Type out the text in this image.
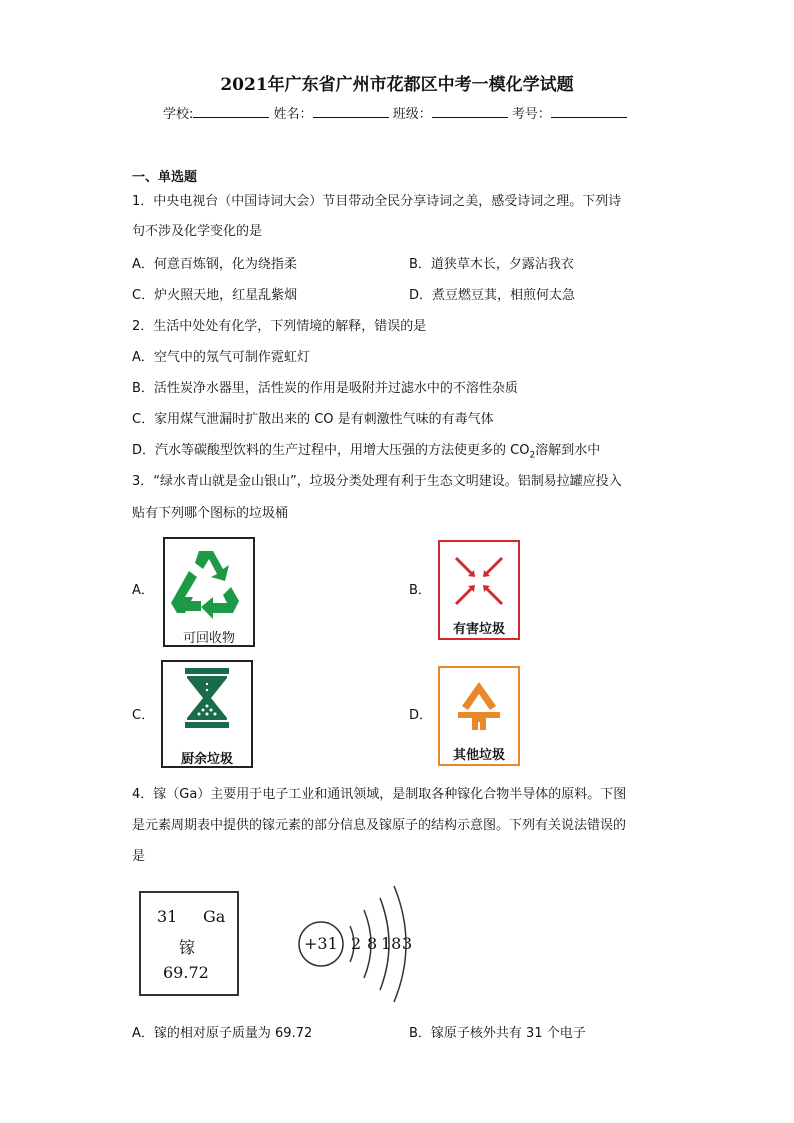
2021年广东省广州市花都区中考一模化学试题
学校:	姓名：	班级：	考号：
一、单选题
1．中央电视台（中国诗词大会）节目带动全民分享诗词之美，感受诗词之理。下列诗
句不涉及化学变化的是
A．何意百炼钢，化为绕指柔	B．道狭草木长，夕露沾我衣
C．炉火照天地，红星乱紫烟	D．煮豆燃豆萁，相煎何太急
2．生活中处处有化学，下列情境的解释，错误的是
A．空气中的氖气可制作霓虹灯
B．活性炭净水器里，活性炭的作用是吸附并过滤水中的不溶性杂质
C．家用煤气泄漏时扩散出来的 CO 是有刺激性气味的有毒气体
D．汽水等碳酸型饮料的生产过程中，用增大压强的方法使更多的 $CO_2$溶解到水中
3．“绿水青山就是金山银山”，垃圾分类处理有利于生态文明建设。铝制易拉罐应投入
贴有下列哪个图标的垃圾桶
A．	B．
C．	D．
可回收物
有害垃圾
厨余垃圾	其他垃圾
4．镓（Ga）主要用于电子工业和通讯领域，是制取各种镓化合物半导体的原料。下图
是元素周期表中提供的镓元素的部分信息及镓原子的结构示意图。下列有关说法错误的
是
31 Ga
镓
69.72
+31 2 8 18 3
A．镓的相对原子质量为 69.72	B．镓原子核外共有 31 个电子
